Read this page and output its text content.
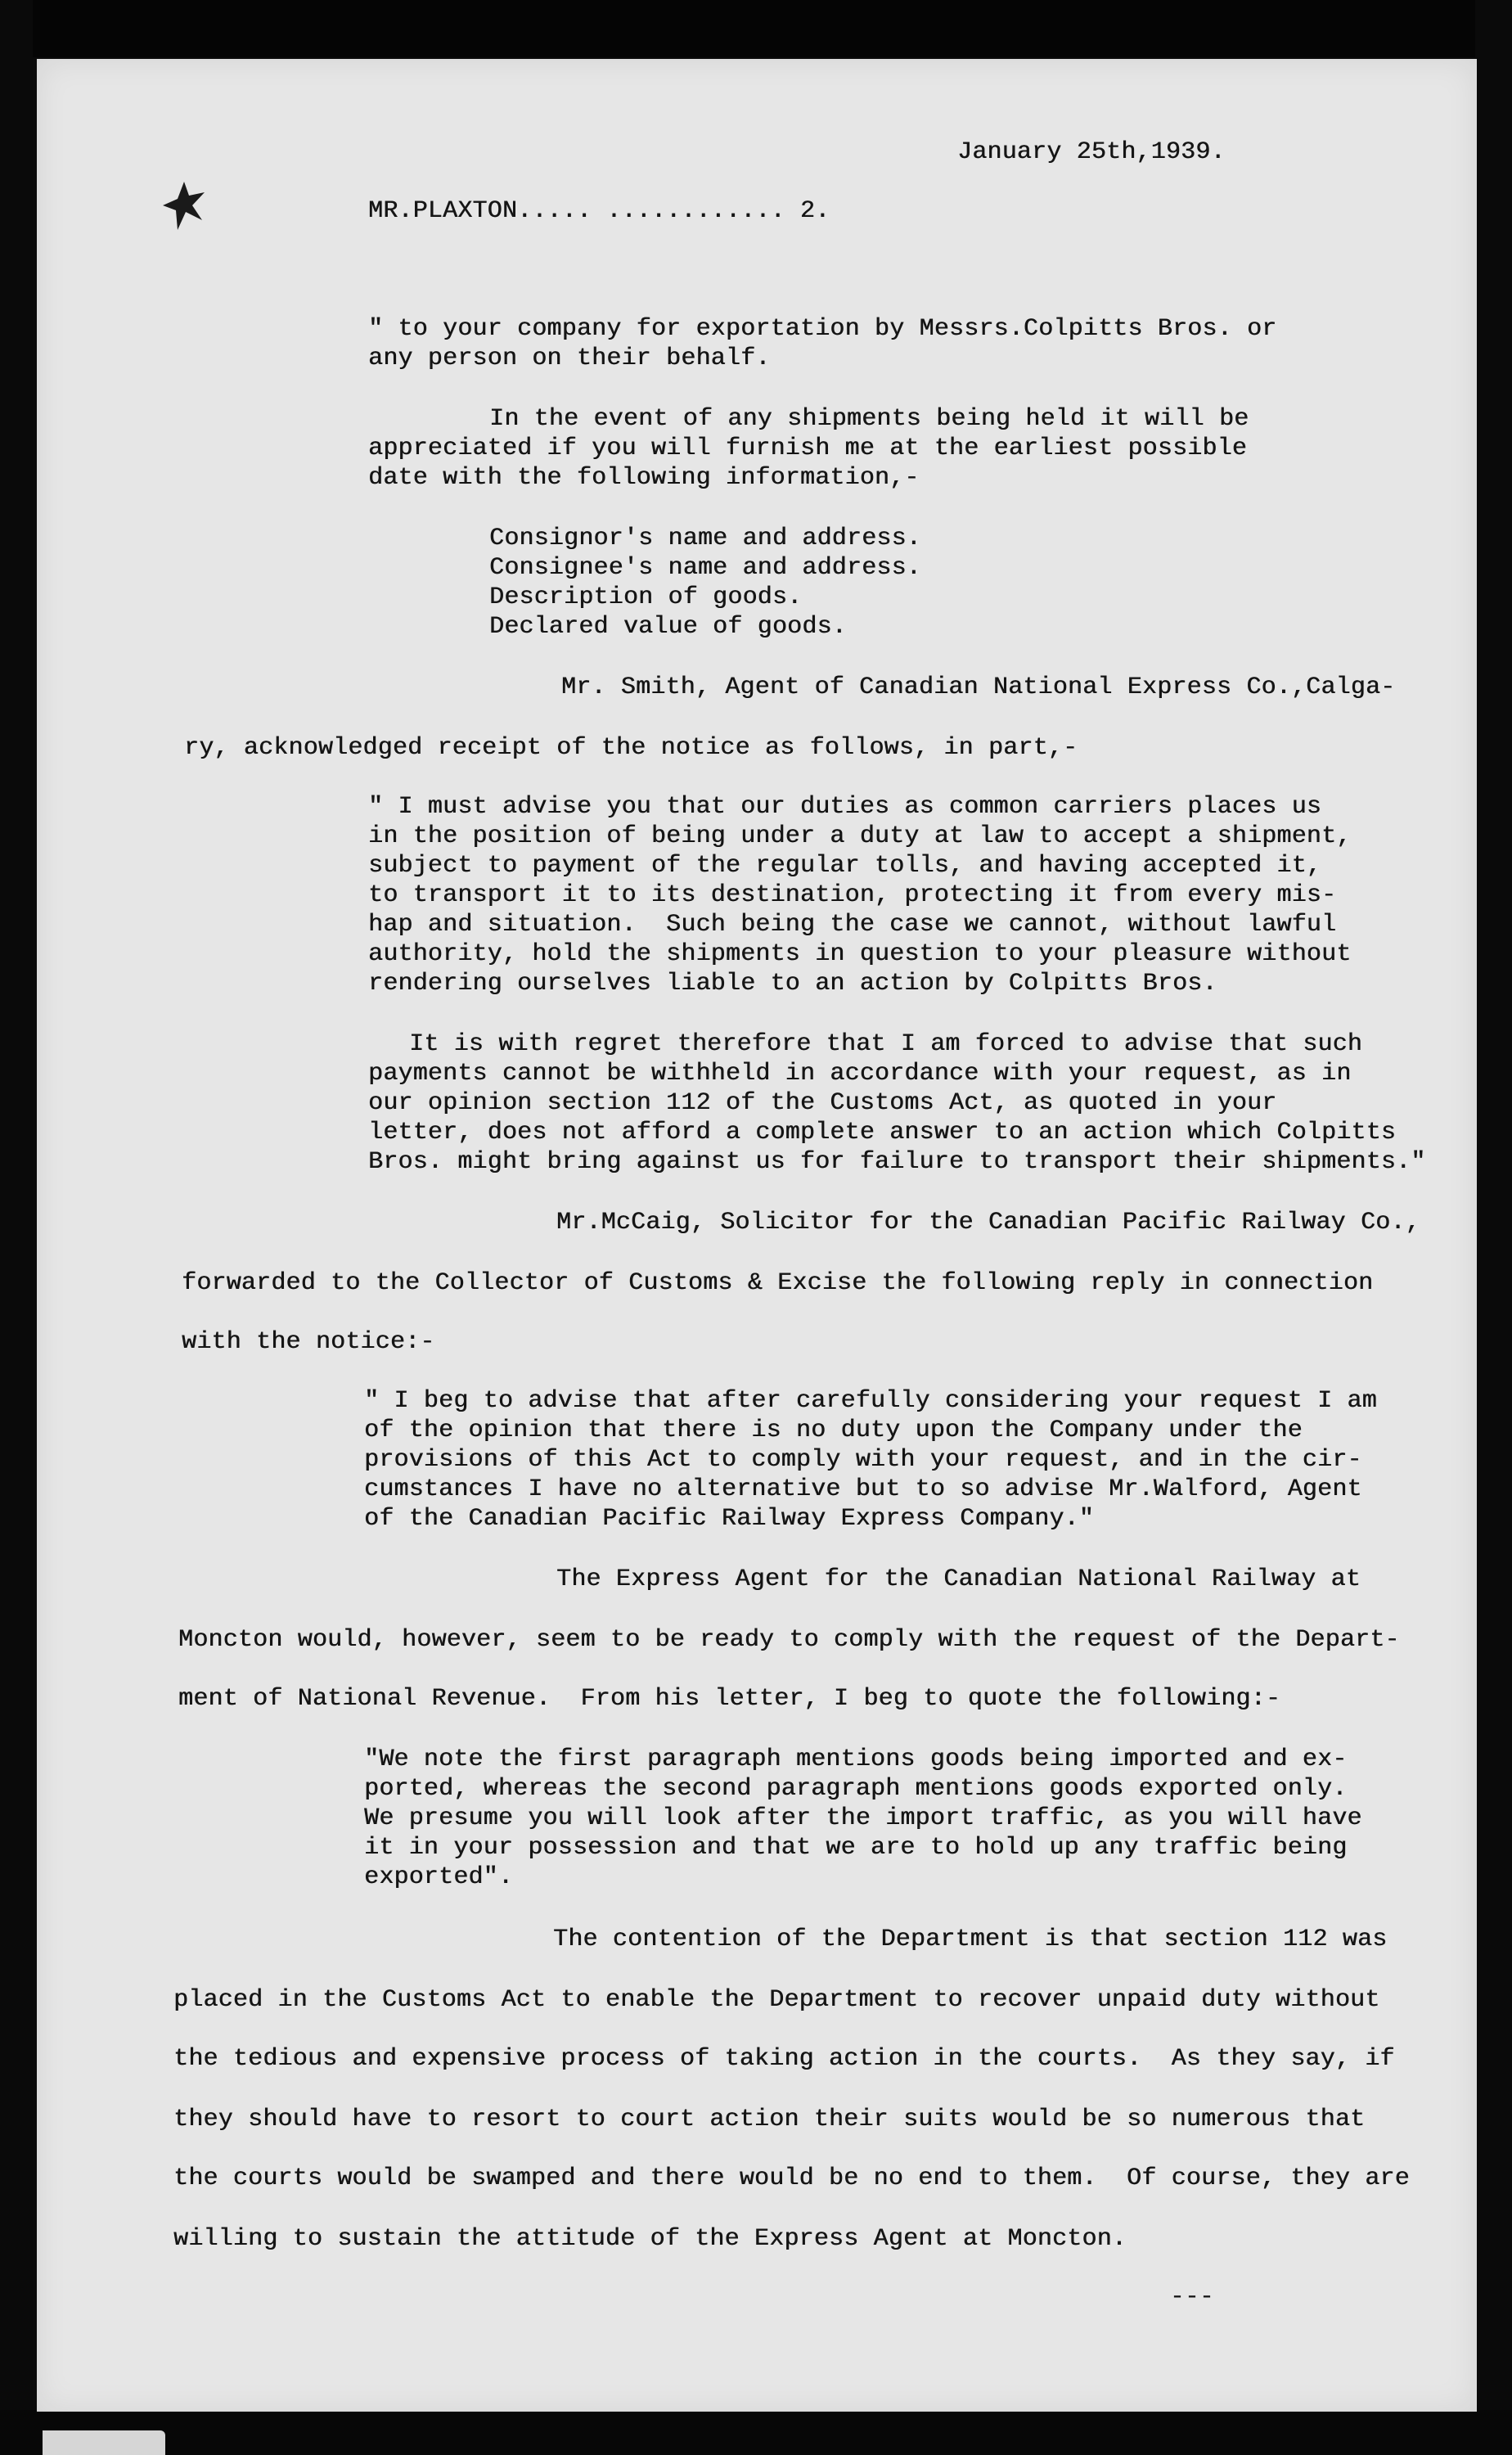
January 25th,1939.
MR.PLAXTON..... ............ 2.
" to your company for exportation by Messrs.Colpitts Bros. or
any person on their behalf.
In the event of any shipments being held it will be
appreciated if you will furnish me at the earliest possible
date with the following information,-
Consignor's name and address.
Consignee's name and address.
Description of goods.
Declared value of goods.
Mr. Smith, Agent of Canadian National Express Co.,Calga-
ry, acknowledged receipt of the notice as follows, in part,-
" I must advise you that our duties as common carriers places us
in the position of being under a duty at law to accept a shipment,
subject to payment of the regular tolls, and having accepted it,
to transport it to its destination, protecting it from every mis-
hap and situation.  Such being the case we cannot, without lawful
authority, hold the shipments in question to your pleasure without
rendering ourselves liable to an action by Colpitts Bros.
It is with regret therefore that I am forced to advise that such
payments cannot be withheld in accordance with your request, as in
our opinion section 112 of the Customs Act, as quoted in your
letter, does not afford a complete answer to an action which Colpitts
Bros. might bring against us for failure to transport their shipments."
Mr.McCaig, Solicitor for the Canadian Pacific Railway Co.,
forwarded to the Collector of Customs & Excise the following reply in connection
with the notice:-
" I beg to advise that after carefully considering your request I am
of the opinion that there is no duty upon the Company under the
provisions of this Act to comply with your request, and in the cir-
cumstances I have no alternative but to so advise Mr.Walford, Agent
of the Canadian Pacific Railway Express Company."
The Express Agent for the Canadian National Railway at
Moncton would, however, seem to be ready to comply with the request of the Depart-
ment of National Revenue.  From his letter, I beg to quote the following:-
"We note the first paragraph mentions goods being imported and ex-
ported, whereas the second paragraph mentions goods exported only.
We presume you will look after the import traffic, as you will have
it in your possession and that we are to hold up any traffic being
exported".
The contention of the Department is that section 112 was
placed in the Customs Act to enable the Department to recover unpaid duty without
the tedious and expensive process of taking action in the courts.  As they say, if
they should have to resort to court action their suits would be so numerous that
the courts would be swamped and there would be no end to them.  Of course, they are
willing to sustain the attitude of the Express Agent at Moncton.
---
